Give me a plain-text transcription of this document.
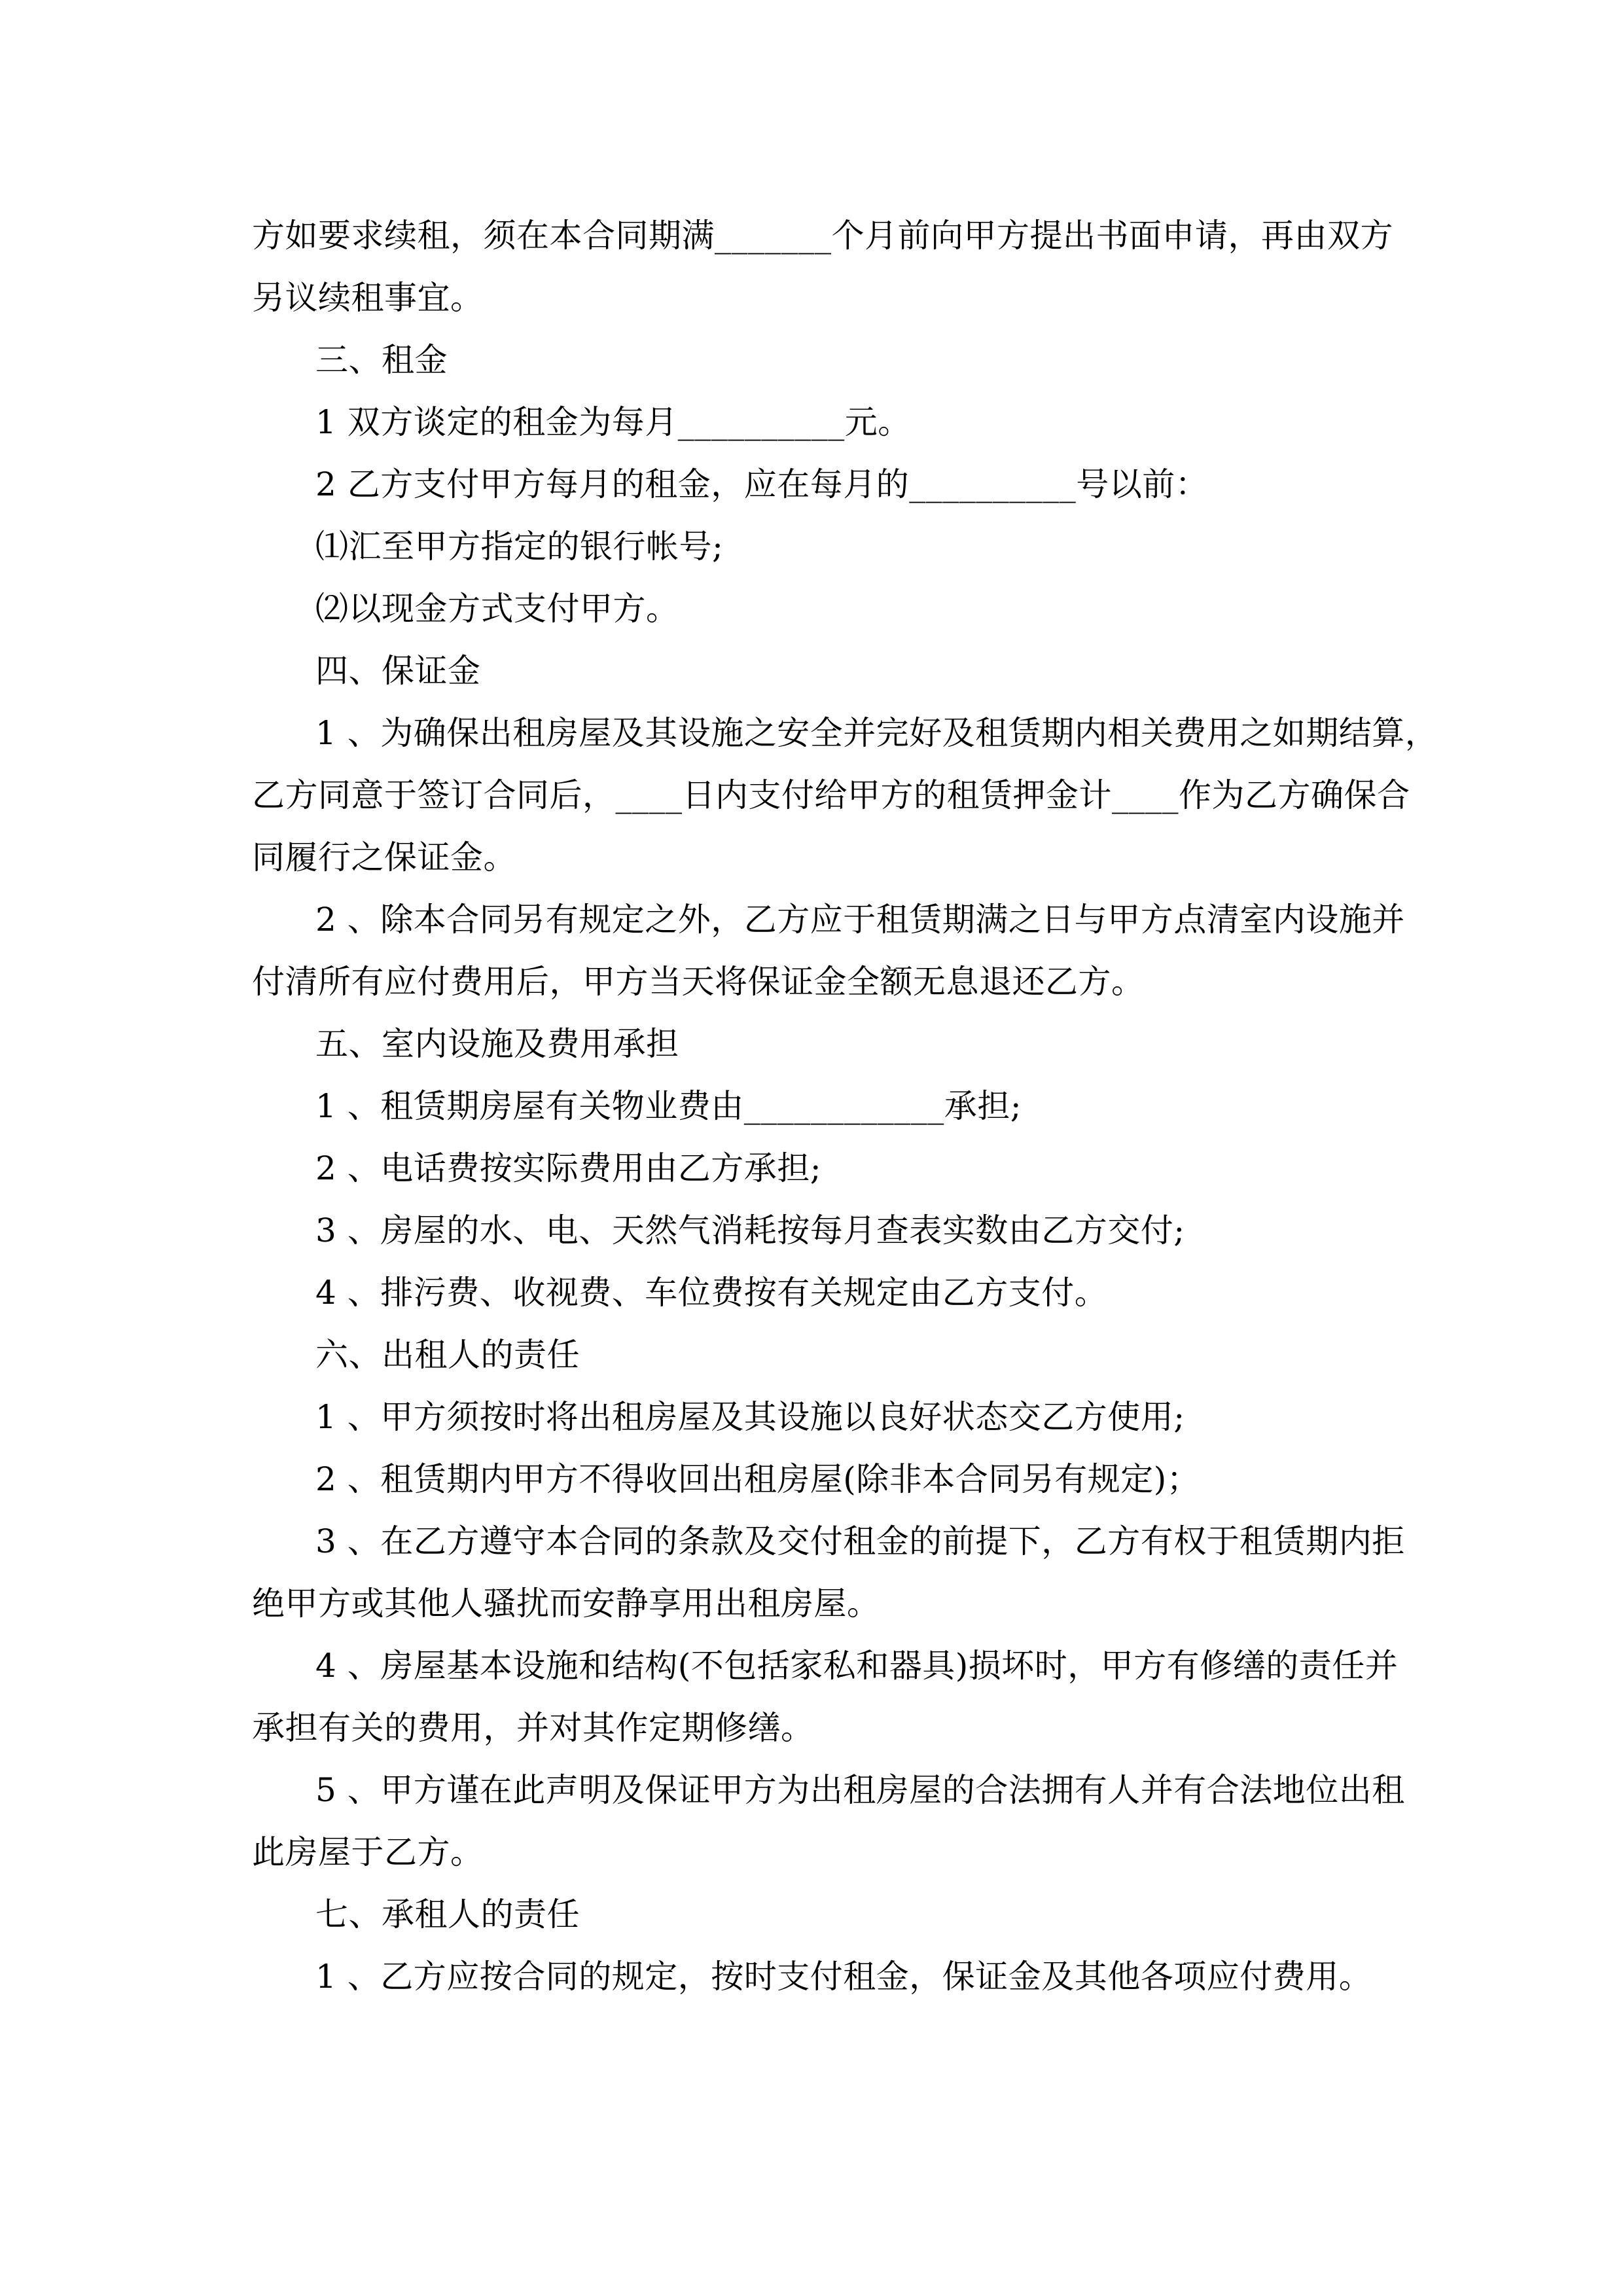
方如要求续租，须在本合同期满_______个月前向甲方提出书面申请，再由双方
另议续租事宜。
三、租金
1 双方谈定的租金为每月__________元。
2 乙方支付甲方每月的租金，应在每月的__________号以前：
⑴汇至甲方指定的银行帐号;
⑵以现金方式支付甲方。
四、保证金
1 、为确保出租房屋及其设施之安全并完好及租赁期内相关费用之如期结算，
乙方同意于签订合同后，____日内支付给甲方的租赁押金计____作为乙方确保合
同履行之保证金。
2 、除本合同另有规定之外，乙方应于租赁期满之日与甲方点清室内设施并
付清所有应付费用后，甲方当天将保证金全额无息退还乙方。
五、室内设施及费用承担
1 、租赁期房屋有关物业费由____________承担;
2 、电话费按实际费用由乙方承担;
3 、房屋的水、电、天然气消耗按每月查表实数由乙方交付;
4 、排污费、收视费、车位费按有关规定由乙方支付。
六、出租人的责任
1 、甲方须按时将出租房屋及其设施以良好状态交乙方使用;
2 、租赁期内甲方不得收回出租房屋(除非本合同另有规定)；
3 、在乙方遵守本合同的条款及交付租金的前提下，乙方有权于租赁期内拒
绝甲方或其他人骚扰而安静享用出租房屋。
4 、房屋基本设施和结构(不包括家私和器具)损坏时，甲方有修缮的责任并
承担有关的费用，并对其作定期修缮。
5 、甲方谨在此声明及保证甲方为出租房屋的合法拥有人并有合法地位出租
此房屋于乙方。
七、承租人的责任
1 、乙方应按合同的规定，按时支付租金，保证金及其他各项应付费用。
